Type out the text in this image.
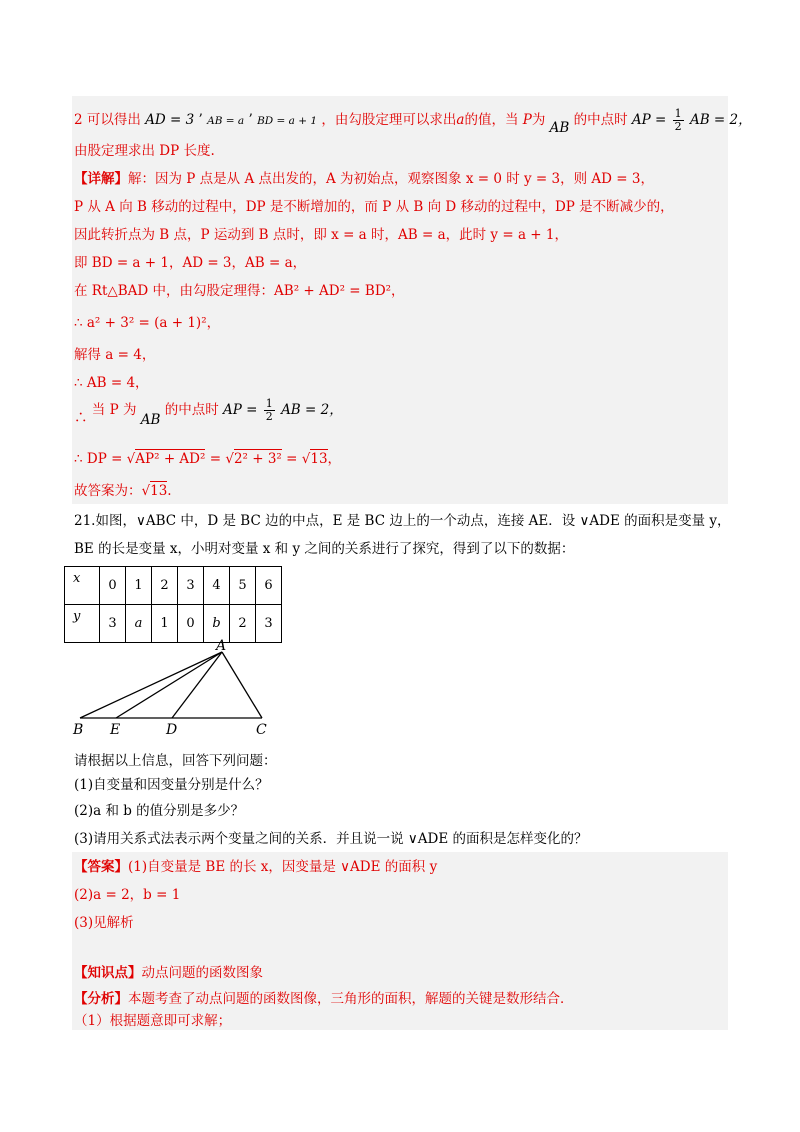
2 可以得出 AD = 3 ’ AB = a ’ BD = a + 1 ，由勾股定理可以求出a的值，当 P为 AB 的中点时 AP = $\frac{1}{2}$ AB = 2，
由股定理求出 DP 长度.
【详解】解：因为 P 点是从 A 点出发的，A 为初始点，观察图象 x = 0 时 y = 3，则 AD = 3，
P 从 A 向 B 移动的过程中，DP 是不断增加的，而 P 从 B 向 D 移动的过程中，DP 是不断减少的，
因此转折点为 B 点，P 运动到 B 点时，即 x = a 时，AB = a，此时 y = a + 1，
即 BD = a + 1，AD = 3，AB = a，
在 Rt△BAD 中，由勾股定理得：AB² + AD² = BD²，
∴ a² + 3² = (a + 1)²，
解得 a = 4，
∴ AB = 4，
∴ 当 P 为 AB 的中点时 AP = $\frac{1}{2}$ AB = 2，
∴ DP = √AP² + AD² = √2² + 3² = √13，
故答案为：√13.
21.如图，∨ABC 中，D 是 BC 边的中点，E 是 BC 边上的一个动点，连接 AE．设 ∨ADE 的面积是变量 y，
BE 的长是变量 x，小明对变量 x 和 y 之间的关系进行了探究，得到了以下的数据：
x	0	1	2	3	4	5	6
y	3	a	1	0	b	2	3
A
B E	D	C
请根据以上信息，回答下列问题：
(1)自变量和因变量分别是什么？
(2)a 和 b 的值分别是多少？
(3)请用关系式法表示两个变量之间的关系．并且说一说 ∨ADE 的面积是怎样变化的？
【答案】(1)自变量是 BE 的长 x，因变量是 ∨ADE 的面积 y
(2)a = 2，b = 1
(3)见解析
【知识点】动点问题的函数图象
【分析】本题考查了动点问题的函数图像，三角形的面积，解题的关键是数形结合．
（1）根据题意即可求解；
